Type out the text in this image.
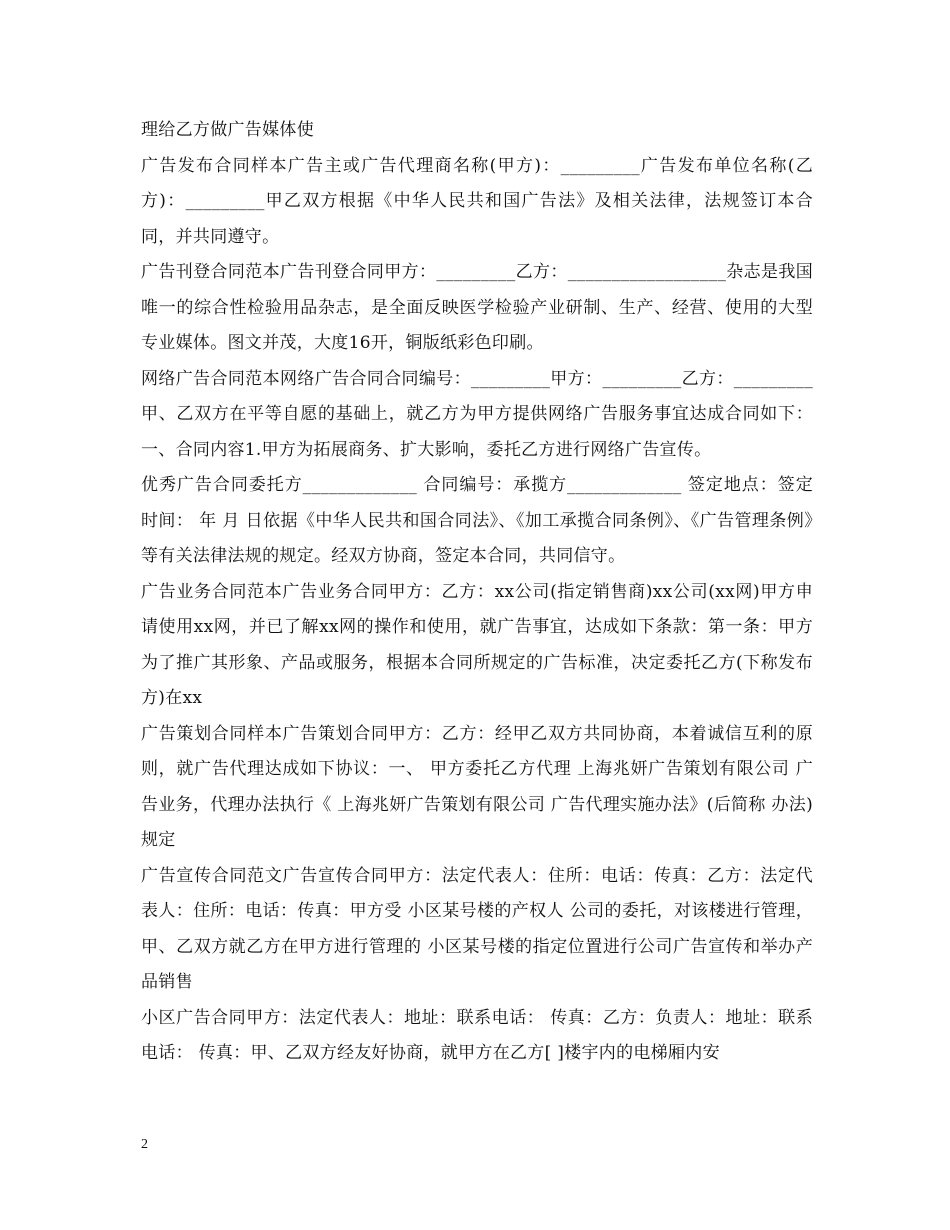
理给乙方做广告媒体使

广告发布合同样本广告主或广告代理商名称(甲方)：_________广告发布单位名称(乙方)：_________甲乙双方根据《中华人民共和国广告法》及相关法律，法规签订本合同，并共同遵守。

广告刊登合同范本广告刊登合同甲方：_________乙方：__________________杂志是我国唯一的综合性检验用品杂志，是全面反映医学检验产业研制、生产、经营、使用的大型专业媒体。图文并茂，大度16开，铜版纸彩色印刷。

网络广告合同范本网络广告合同合同编号：_________甲方：_________乙方：_________甲、乙双方在平等自愿的基础上，就乙方为甲方提供网络广告服务事宜达成合同如下：一、合同内容1.甲方为拓展商务、扩大影响，委托乙方进行网络广告宣传。

优秀广告合同委托方_____________ 合同编号：承揽方_____________ 签定地点：签定时间： 年 月 日依据《中华人民共和国合同法》、《加工承揽合同条例》、《广告管理条例》等有关法律法规的规定。经双方协商，签定本合同，共同信守。

广告业务合同范本广告业务合同甲方：乙方：xx公司(指定销售商)xx公司(xx网)甲方申请使用xx网，并已了解xx网的操作和使用，就广告事宜，达成如下条款：第一条：甲方为了推广其形象、产品或服务，根据本合同所规定的广告标准，决定委托乙方(下称发布方)在xx

广告策划合同样本广告策划合同甲方：乙方：经甲乙双方共同协商，本着诚信互利的原则，就广告代理达成如下协议：一、 甲方委托乙方代理 上海兆妍广告策划有限公司 广告业务，代理办法执行《 上海兆妍广告策划有限公司 广告代理实施办法》(后简称 办法)规定

广告宣传合同范文广告宣传合同甲方：法定代表人：住所：电话：传真：乙方：法定代表人：住所：电话：传真：甲方受 小区某号楼的产权人 公司的委托，对该楼进行管理，甲、乙双方就乙方在甲方进行管理的 小区某号楼的指定位置进行公司广告宣传和举办产品销售

小区广告合同甲方：法定代表人：地址：联系电话： 传真：乙方：负责人：地址：联系电话： 传真：甲、乙双方经友好协商，就甲方在乙方[ ]楼宇内的电梯厢内安

2
